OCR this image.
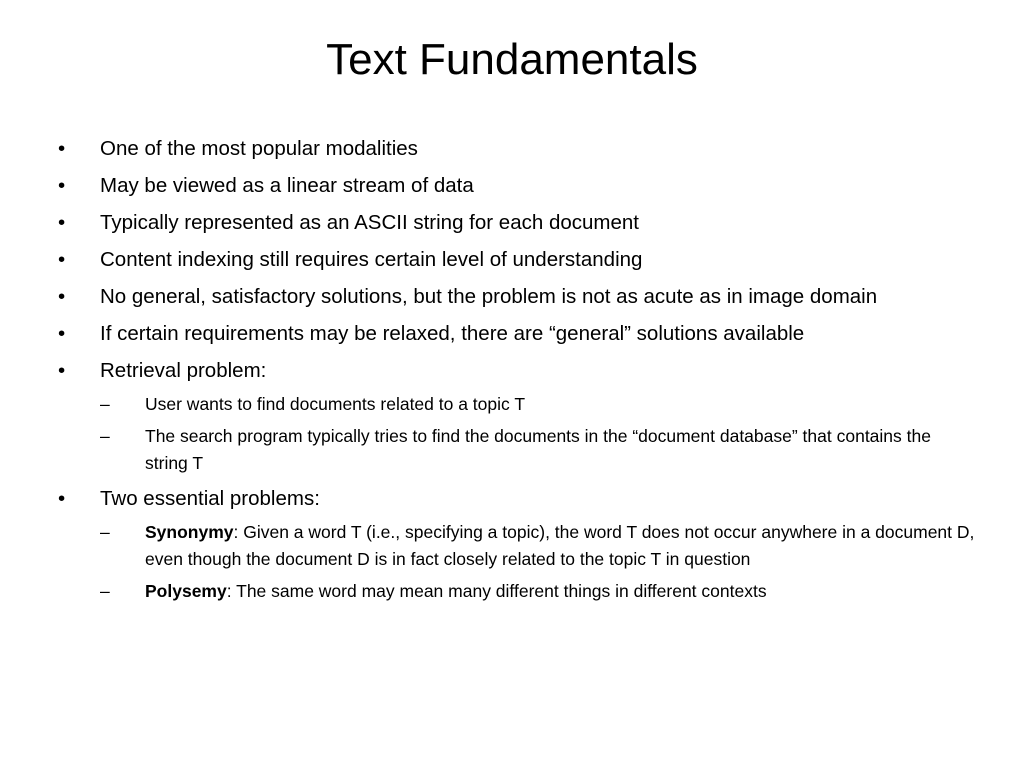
Text Fundamentals
•	One of the most popular modalities
•	May be viewed as a linear stream of data
•	Typically represented as an ASCII string for each document
•	Content indexing still requires certain level of understanding
•	No general, satisfactory solutions, but the problem is not as acute as in image domain
•	If certain requirements may be relaxed, there are “general” solutions available
•	Retrieval problem:
–	User wants to find documents related to a topic T
–	The search program typically tries to find the documents in the “document database” that contains the string T
•	Two essential problems:
–	Synonymy: Given a word T (i.e., specifying a topic), the word T does not occur anywhere in a document D, even though the document D is in fact closely related to the topic T in question
–	Polysemy: The same word may mean many different things in different contexts
